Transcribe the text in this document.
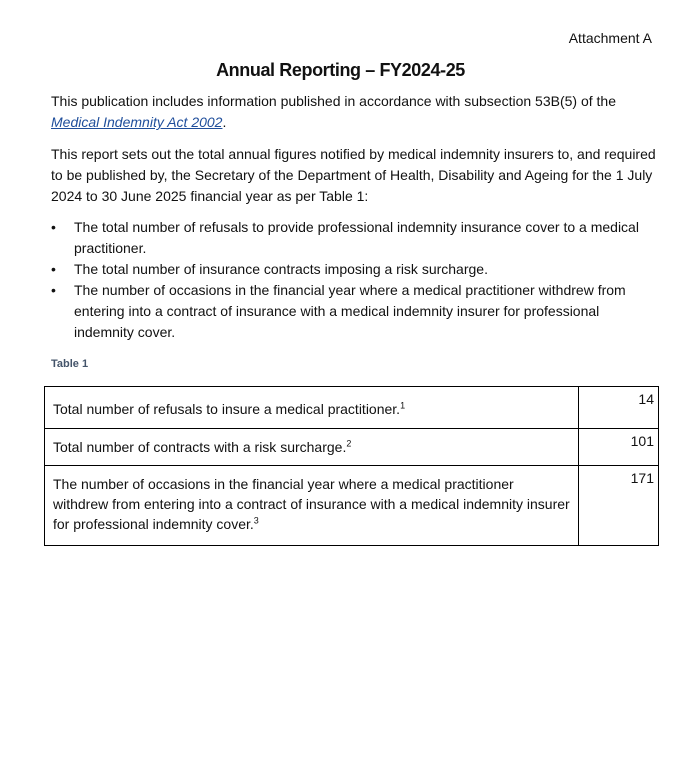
Attachment A
Annual Reporting – FY2024-25
This publication includes information published in accordance with subsection 53B(5) of the Medical Indemnity Act 2002.
This report sets out the total annual figures notified by medical indemnity insurers to, and required to be published by, the Secretary of the Department of Health, Disability and Ageing for the 1 July 2024 to 30 June 2025 financial year as per Table 1:
•	The total number of refusals to provide professional indemnity insurance cover to a medical practitioner.
•	The total number of insurance contracts imposing a risk surcharge.
•	The number of occasions in the financial year where a medical practitioner withdrew from entering into a contract of insurance with a medical indemnity insurer for professional indemnity cover.
Table 1
Total number of refusals to insure a medical practitioner.$^1$	14
Total number of contracts with a risk surcharge.$^2$	101
The number of occasions in the financial year where a medical practitioner withdrew from entering into a contract of insurance with a medical indemnity insurer for professional indemnity cover.$^3$	171
